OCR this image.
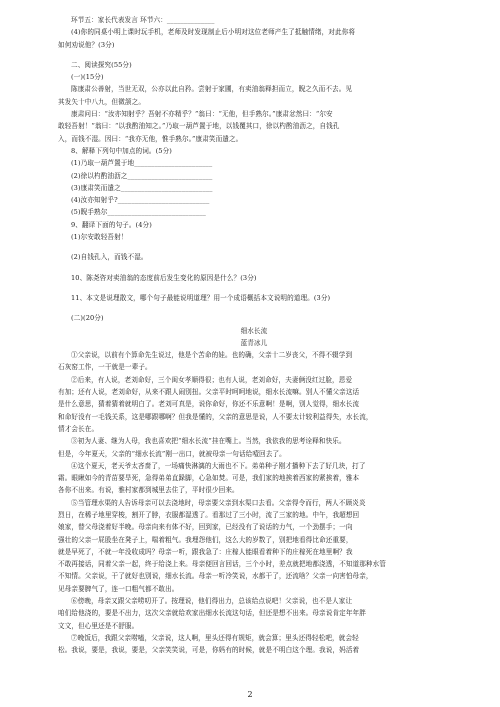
环节五：家长代表发言 环节六：______________
(4)你的同桌小明上课时玩手机，老师及时发现制止后小明对这位老师产生了抵触情绪，对此你将
如何劝说他？(3分)
二、阅读探究(55分)
(一)(15分)
陈康肃公善射，当世无双，公亦以此自矜。尝射于家圃，有卖油翁释担而立，睨之久而不去。见
其发矢十中八九，但微颔之。
康肃问曰：“汝亦知射乎？吾射不亦精乎？”翁曰：“无他，但手熟尔。”康肃忿然曰：“尔安
敢轻吾射！”翁曰：“以我酌油知之。”乃取一葫芦置于地，以钱覆其口，徐以杓酌油沥之，自钱孔
入，而钱不湿。因曰：“我亦无他，惟手熟尔。”康肃笑而遣之。
8、解释下列句中加点的词。(5分)
(1)乃取一葫芦置于地_______________________
(2)徐以杓酌油沥之_________________________
(3)康肃笑而遣之___________________________
(4)汝亦知射乎?___________________________
(5)睨手熟尔_____________________________
9、翻译下面的句子。(4分)
(1)尔安敢轻吾射！
(2)自钱孔入，而钱不湿。
10、陈尧咨对卖油翁的态度前后发生变化的原因是什么？(3分)
11、本文是说理散文，哪个句子最能说明道理？用一个成语概括本文说明的道理。(3分)
(二)(20分)
细水长流
蓝青冰儿
①父亲说，以前有个算命先生说过，他是个苦命的娃。也的确，父亲十二岁丧父，不得不辍学到
石灰窑工作，一干就是一辈子。
②后来，有人说，老刘命好，三个闺女孝顺得很；也有人说，老刘命好，夫妻俩没红过脸，恩爱
有加；还有人说，老刘命好，从来不跟人闹别扭。父亲平时呵呵地说，细水长流嘛。别人不懂父亲这话
是什么意思，猜着猜着就明白了。老刘可真是，说你命好，你还不乐意啊！是啊，别人觉得，细水长流
和命好没有一毛钱关系，这是哪跟哪啊？但我是懂的，父亲的意思是说，人不要太计较利益得失，水长流，
情才会长在。
③初为人妻、继为人母，我也喜欢把“细水长流”挂在嘴上。当然，我依我的思考诠释和快乐。
但是，今年夏天，父亲的“细水长流”刚一出口，就被母亲一句话给噎回去了。
④这个夏天，老天爷太吝啬了，一场痛快淋漓的大雨也不下。弟弟种子刚才播种下去了好几块，打了
霜。眼瞅如今的青苗要旱死，急得弟弟直跺脚，心急如焚。可是，我们家的地挨着西家的紧挨着，雅本
各你不出来。有说，雅村家都到城里去住了，平时很少回来。
⑤当管理水渠的人告诉母亲可以去浇地时，母亲要父亲到水渠口去看。父亲得令而行，两人不顾炎炎
烈日，在稀子地里穿梭，割开了脖，衣服都湿透了。看那过了三小时，流了三家的地。中午，我超想回
娘家，替父母浇着好半晚。母亲向来有体不好，回到家，已经没有了说话的力气，一个劲摆手；一向
强壮的父亲一屁股坐在凳子上，喘着粗气。我埋怨他们，这么大的岁数了，别把地看得比命还重要，
就是早死了，不就一年没收成吗？母亲一听，跟我急了：庄稼人能眼看着种下的庄稼死在地里啊？我
不敢再接话，同着父亲一起，终于给浇上来。母亲便回言回话，三个小时，差点就把地都浇透，不知道那种水管
不知情。父亲说，干了就好也别说，细水长流。母亲一听冷笑说，水都干了，还流啥？父亲一向害怕母亲，
见母亲要脾气了，连一口粗气都不敢出。
⑥傍晚，母亲又跟父亲唠叨开了。按理说，他们得出力，总该给点说吧！父亲说，也不是人家让
咱们给他浇的，要是不出力，这次父亲就给欢家出细水长流这句话，但还是想不出来。母亲说肯定年年胖
文文，但心里还是不舒服。
⑦晚饭后，我跟父亲唠嗑，父亲说，这人啊，里头还得有规矩，就会算；里头还得轻松吧，就会轻
松。我说，要是，我说，要是，父亲笑笑说，可是，你妈有的时候，就是不明白这个理。我说，妈活着
2
